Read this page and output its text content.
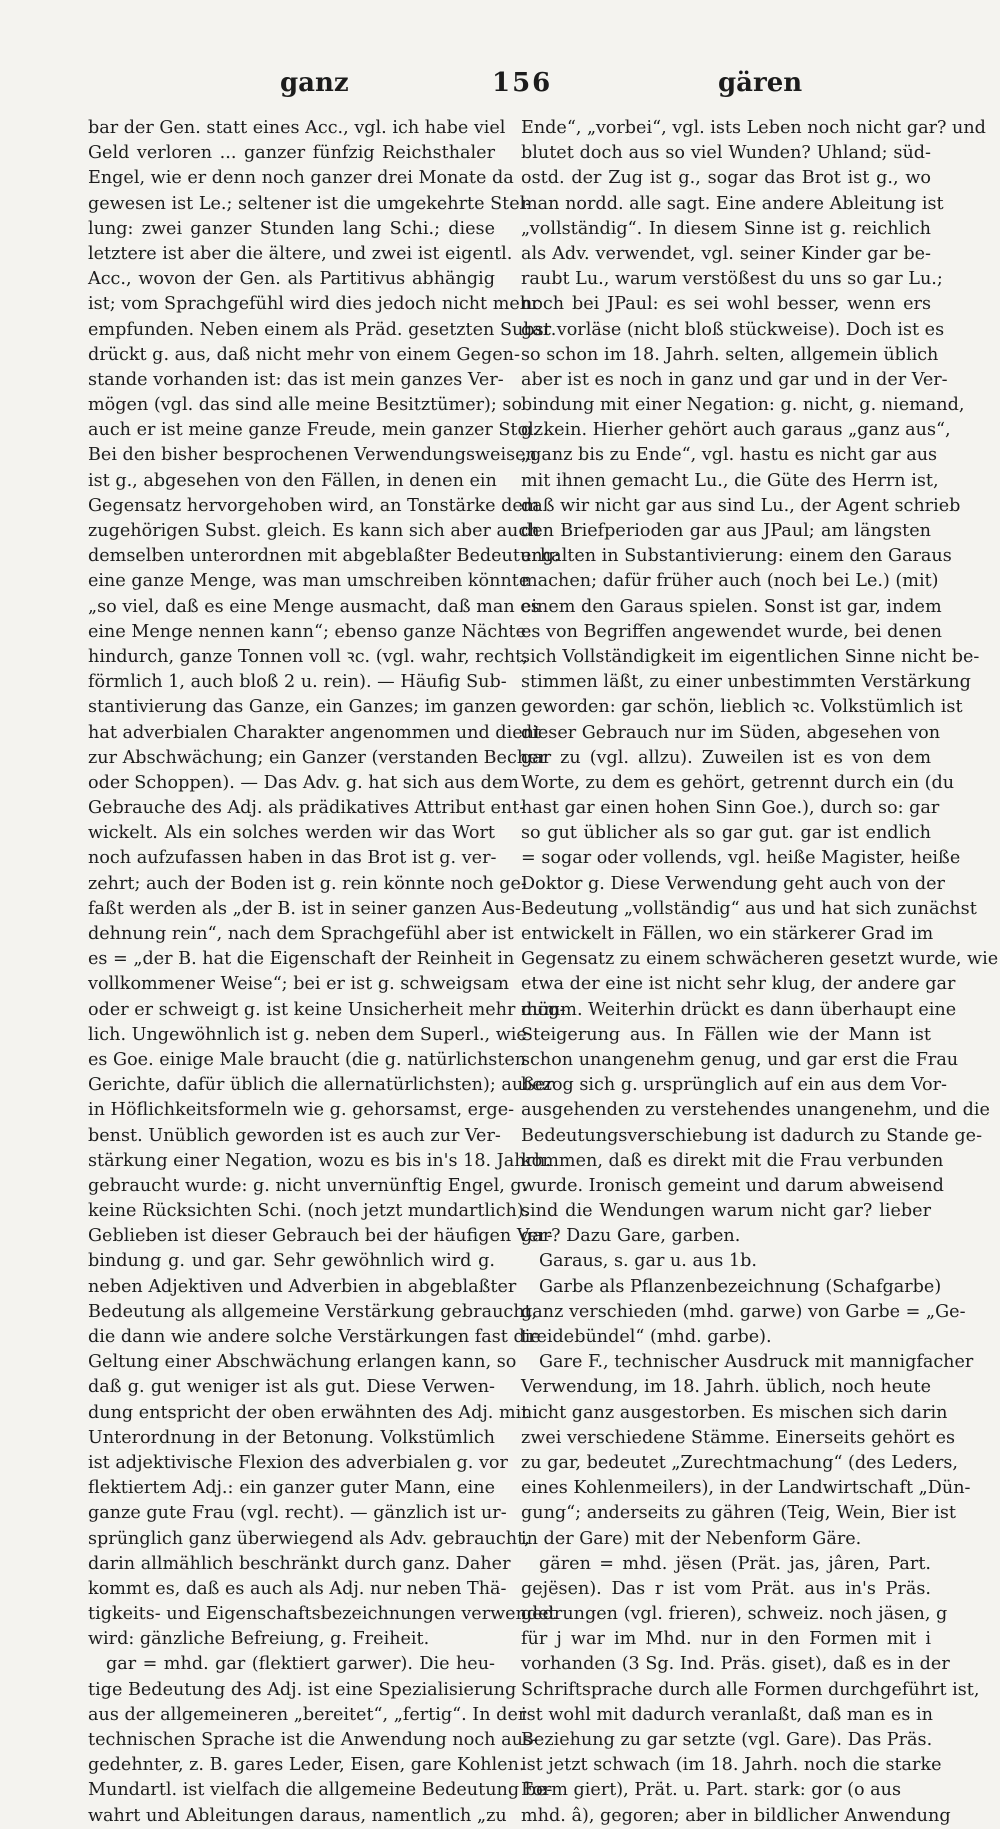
ganz	156	gären
bar der Gen. statt eines Acc., vgl. ich habe viel
Geld verloren ... ganzer fünfzig Reichsthaler
Engel, wie er denn noch ganzer drei Monate da
gewesen ist Le.; seltener ist die umgekehrte Stel-
lung: zwei ganzer Stunden lang Schi.; diese
letztere ist aber die ältere, und zwei ist eigentl.
Acc., wovon der Gen. als Partitivus abhängig
ist; vom Sprachgefühl wird dies jedoch nicht mehr
empfunden. Neben einem als Präd. gesetzten Subst.
drückt g. aus, daß nicht mehr von einem Gegen-
stande vorhanden ist: das ist mein ganzes Ver-
mögen (vgl. das sind alle meine Besitztümer); so
auch er ist meine ganze Freude, mein ganzer Stolz.
Bei den bisher besprochenen Verwendungsweisen
ist g., abgesehen von den Fällen, in denen ein
Gegensatz hervorgehoben wird, an Tonstärke dem
zugehörigen Subst. gleich. Es kann sich aber auch
demselben unterordnen mit abgeblaßter Bedeutung:
eine ganze Menge, was man umschreiben könnte
„so viel, daß es eine Menge ausmacht, daß man es
eine Menge nennen kann“; ebenso ganze Nächte
hindurch, ganze Tonnen voll ꝛc. (vgl. wahr, recht,
förmlich 1, auch bloß 2 u. rein). — Häufig Sub-
stantivierung das Ganze, ein Ganzes; im ganzen
hat adverbialen Charakter angenommen und dient
zur Abschwächung; ein Ganzer (verstanden Becher
oder Schoppen). — Das Adv. g. hat sich aus dem
Gebrauche des Adj. als prädikatives Attribut ent-
wickelt. Als ein solches werden wir das Wort
noch aufzufassen haben in das Brot ist g. ver-
zehrt; auch der Boden ist g. rein könnte noch ge-
faßt werden als „der B. ist in seiner ganzen Aus-
dehnung rein“, nach dem Sprachgefühl aber ist
es = „der B. hat die Eigenschaft der Reinheit in
vollkommener Weise“; bei er ist g. schweigsam
oder er schweigt g. ist keine Unsicherheit mehr mög-
lich. Ungewöhnlich ist g. neben dem Superl., wie
es Goe. einige Male braucht (die g. natürlichsten
Gerichte, dafür üblich die allernatürlichsten); außer
in Höflichkeitsformeln wie g. gehorsamst, erge-
benst. Unüblich geworden ist es auch zur Ver-
stärkung einer Negation, wozu es bis in's 18. Jahrh.
gebraucht wurde: g. nicht unvernünftig Engel, g.
keine Rücksichten Schi. (noch jetzt mundartlich).
Geblieben ist dieser Gebrauch bei der häufigen Ver-
bindung g. und gar. Sehr gewöhnlich wird g.
neben Adjektiven und Adverbien in abgeblaßter
Bedeutung als allgemeine Verstärkung gebraucht,
die dann wie andere solche Verstärkungen fast die
Geltung einer Abschwächung erlangen kann, so
daß g. gut weniger ist als gut. Diese Verwen-
dung entspricht der oben erwähnten des Adj. mit
Unterordnung in der Betonung. Volkstümlich
ist adjektivische Flexion des adverbialen g. vor
flektiertem Adj.: ein ganzer guter Mann, eine
ganze gute Frau (vgl. recht). — gänzlich ist ur-
sprünglich ganz überwiegend als Adv. gebraucht,
darin allmählich beschränkt durch ganz. Daher
kommt es, daß es auch als Adj. nur neben Thä-
tigkeits- und Eigenschaftsbezeichnungen verwendet
wird: gänzliche Befreiung, g. Freiheit.
gar = mhd. gar (flektiert garwer). Die heu-
tige Bedeutung des Adj. ist eine Spezialisierung
aus der allgemeineren „bereitet“, „fertig“. In der
technischen Sprache ist die Anwendung noch aus-
gedehnter, z. B. gares Leder, Eisen, gare Kohlen.
Mundartl. ist vielfach die allgemeine Bedeutung be-
wahrt und Ableitungen daraus, namentlich „zu
Ende“, „vorbei“, vgl. ists Leben noch nicht gar? und
blutet doch aus so viel Wunden? Uhland; süd-
ostd. der Zug ist g., sogar das Brot ist g., wo
man nordd. alle sagt. Eine andere Ableitung ist
„vollständig“. In diesem Sinne ist g. reichlich
als Adv. verwendet, vgl. seiner Kinder gar be-
raubt Lu., warum verstößest du uns so gar Lu.;
noch bei JPaul: es sei wohl besser, wenn ers
gar vorläse (nicht bloß stückweise). Doch ist es
so schon im 18. Jahrh. selten, allgemein üblich
aber ist es noch in ganz und gar und in der Ver-
bindung mit einer Negation: g. nicht, g. niemand,
g. kein. Hierher gehört auch garaus „ganz aus“,
„ganz bis zu Ende“, vgl. hastu es nicht gar aus
mit ihnen gemacht Lu., die Güte des Herrn ist,
daß wir nicht gar aus sind Lu., der Agent schrieb
den Briefperioden gar aus JPaul; am längsten
erhalten in Substantivierung: einem den Garaus
machen; dafür früher auch (noch bei Le.) (mit)
einem den Garaus spielen. Sonst ist gar, indem
es von Begriffen angewendet wurde, bei denen
sich Vollständigkeit im eigentlichen Sinne nicht be-
stimmen läßt, zu einer unbestimmten Verstärkung
geworden: gar schön, lieblich ꝛc. Volkstümlich ist
dieser Gebrauch nur im Süden, abgesehen von
gar zu (vgl. allzu). Zuweilen ist es von dem
Worte, zu dem es gehört, getrennt durch ein (du
hast gar einen hohen Sinn Goe.), durch so: gar
so gut üblicher als so gar gut. gar ist endlich
= sogar oder vollends, vgl. heiße Magister, heiße
Doktor g. Diese Verwendung geht auch von der
Bedeutung „vollständig“ aus und hat sich zunächst
entwickelt in Fällen, wo ein stärkerer Grad im
Gegensatz zu einem schwächeren gesetzt wurde, wie
etwa der eine ist nicht sehr klug, der andere gar
dumm. Weiterhin drückt es dann überhaupt eine
Steigerung aus. In Fällen wie der Mann ist
schon unangenehm genug, und gar erst die Frau
bezog sich g. ursprünglich auf ein aus dem Vor-
ausgehenden zu verstehendes unangenehm, und die
Bedeutungsverschiebung ist dadurch zu Stande ge-
kommen, daß es direkt mit die Frau verbunden
wurde. Ironisch gemeint und darum abweisend
sind die Wendungen warum nicht gar? lieber
gar? Dazu Gare, garben.
Garaus, s. gar u. aus 1b.
Garbe als Pflanzenbezeichnung (Schafgarbe)
ganz verschieden (mhd. garwe) von Garbe = „Ge-
treidebündel“ (mhd. garbe).
Gare F., technischer Ausdruck mit mannigfacher
Verwendung, im 18. Jahrh. üblich, noch heute
nicht ganz ausgestorben. Es mischen sich darin
zwei verschiedene Stämme. Einerseits gehört es
zu gar, bedeutet „Zurechtmachung“ (des Leders,
eines Kohlenmeilers), in der Landwirtschaft „Dün-
gung“; anderseits zu gähren (Teig, Wein, Bier ist
in der Gare) mit der Nebenform Gäre.
gären = mhd. jësen (Prät. jas, jâren, Part.
gejësen). Das r ist vom Prät. aus in's Präs.
gedrungen (vgl. frieren), schweiz. noch jäsen, g
für j war im Mhd. nur in den Formen mit i
vorhanden (3 Sg. Ind. Präs. giset), daß es in der
Schriftsprache durch alle Formen durchgeführt ist,
ist wohl mit dadurch veranlaßt, daß man es in
Beziehung zu gar setzte (vgl. Gare). Das Präs.
ist jetzt schwach (im 18. Jahrh. noch die starke
Form giert), Prät. u. Part. stark: gor (o aus
mhd. â), gegoren; aber in bildlicher Anwendung
